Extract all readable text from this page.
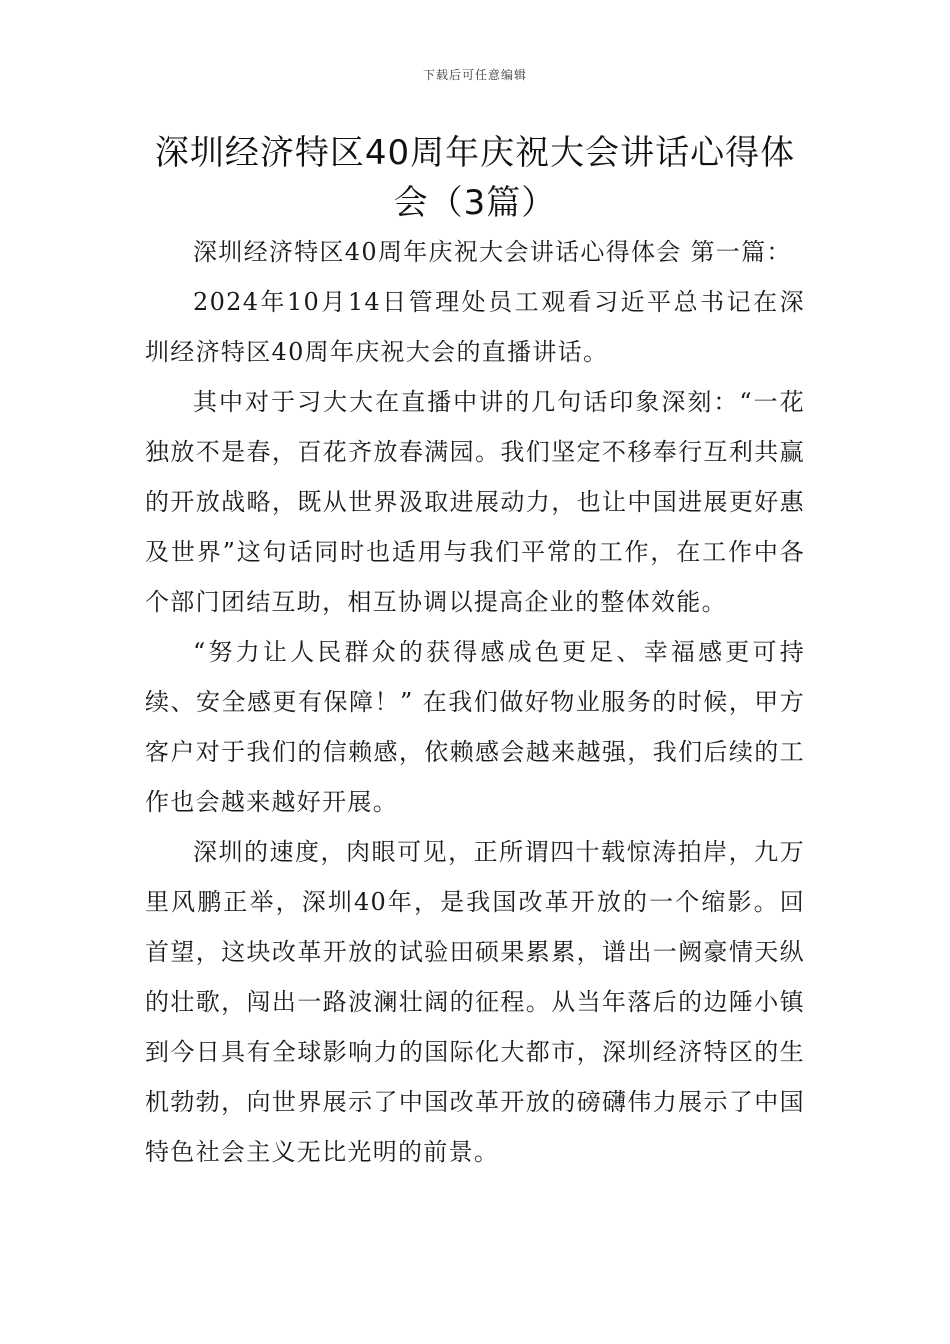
下载后可任意编辑
深圳经济特区40周年庆祝大会讲话心得体会（3篇）

深圳经济特区40周年庆祝大会讲话心得体会 第一篇：

2024年10月14日管理处员工观看习近平总书记在深圳经济特区40周年庆祝大会的直播讲话。

其中对于习大大在直播中讲的几句话印象深刻：“一花独放不是春，百花齐放春满园。我们坚定不移奉行互利共赢的开放战略，既从世界汲取进展动力，也让中国进展更好惠及世界”这句话同时也适用与我们平常的工作，在工作中各个部门团结互助，相互协调以提高企业的整体效能。

“努力让人民群众的获得感成色更足、幸福感更可持续、安全感更有保障！” 在我们做好物业服务的时候，甲方客户对于我们的信赖感，依赖感会越来越强，我们后续的工作也会越来越好开展。

深圳的速度，肉眼可见，正所谓四十载惊涛拍岸，九万里风鹏正举，深圳40年，是我国改革开放的一个缩影。回首望，这块改革开放的试验田硕果累累，谱出一阙豪情天纵的壮歌，闯出一路波澜壮阔的征程。从当年落后的边陲小镇到今日具有全球影响力的国际化大都市，深圳经济特区的生机勃勃，向世界展示了中国改革开放的磅礴伟力展示了中国特色社会主义无比光明的前景。
